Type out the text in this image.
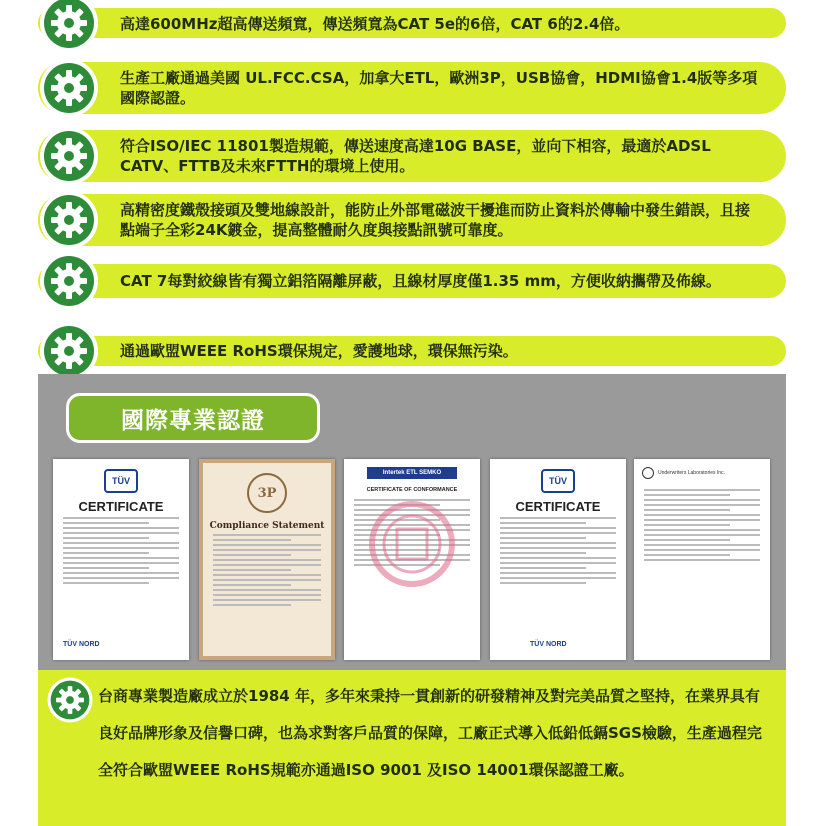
高達600MHz超高傳送頻寬，傳送頻寬為CAT 5e的6倍，CAT 6的2.4倍。
生產工廠通過美國 UL.FCC.CSA，加拿大ETL，歐洲3P，USB協會，HDMI協會1.4版等多項國際認證。
符合ISO/IEC 11801製造規範，傳送速度高達10G BASE，並向下相容，最適於ADSL CATV、FTTB及未來FTTH的環境上使用。
高精密度鐵殼接頭及雙地線設計，能防止外部電磁波干擾進而防止資料於傳輸中發生錯誤，且接點端子全彩24K鍍金，提高整體耐久度與接點訊號可靠度。
CAT 7每對絞線皆有獨立鋁箔隔離屏蔽，且線材厚度僅1.35 mm，方便收納攜帶及佈線。
通過歐盟WEEE RoHS環保規定，愛護地球，環保無污染。
國際專業認證
TÜV
CERTIFICATE
TÜV NORD
3P
Compliance Statement
Intertek ETL SEMKO
CERTIFICATE OF CONFORMANCE
TÜV
CERTIFICATE
TÜV NORD
Underwriters Laboratories Inc.
台商專業製造廠成立於1984 年，多年來秉持一貫創新的研發精神及對完美品質之堅持，在業界具有良好品牌形象及信譽口碑，也為求對客戶品質的保障，工廠正式導入低鉛低鎘SGS檢驗，生產過程完全符合歐盟WEEE RoHS規範亦通過ISO 9001 及ISO 14001環保認證工廠。
